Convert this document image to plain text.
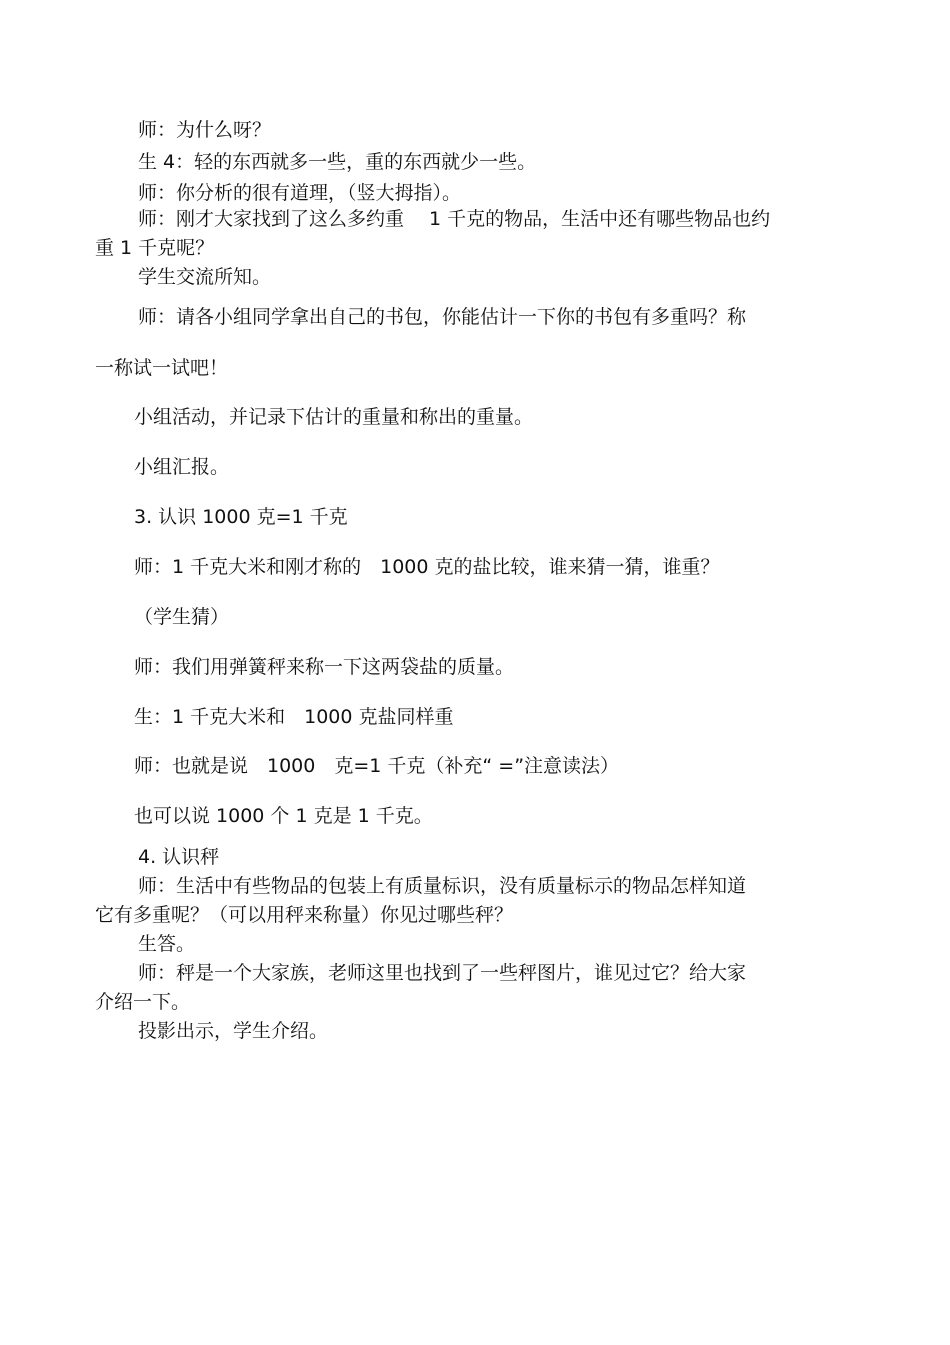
师：为什么呀？
生 4：轻的东西就多一些，重的东西就少一些。
师：你分析的很有道理，（竖大拇指）。
师：刚才大家找到了这么多约重　 1 千克的物品，生活中还有哪些物品也约
重 1 千克呢？
学生交流所知。
师：请各小组同学拿出自己的书包，你能估计一下你的书包有多重吗？称
一称试一试吧！
小组活动，并记录下估计的重量和称出的重量。
小组汇报。
3. 认识 1000 克=1 千克
师：1 千克大米和刚才称的　1000 克的盐比较，谁来猜一猜，谁重？
（学生猜）
师：我们用弹簧秤来称一下这两袋盐的质量。
生：1 千克大米和　1000 克盐同样重
师：也就是说　1000　克=1 千克（补充“ =”注意读法）
也可以说 1000 个 1 克是 1 千克。
4. 认识秤
师：生活中有些物品的包装上有质量标识，没有质量标示的物品怎样知道
它有多重呢？（可以用秤来称量）你见过哪些秤？
生答。
师：秤是一个大家族，老师这里也找到了一些秤图片，谁见过它？给大家
介绍一下。
投影出示，学生介绍。
